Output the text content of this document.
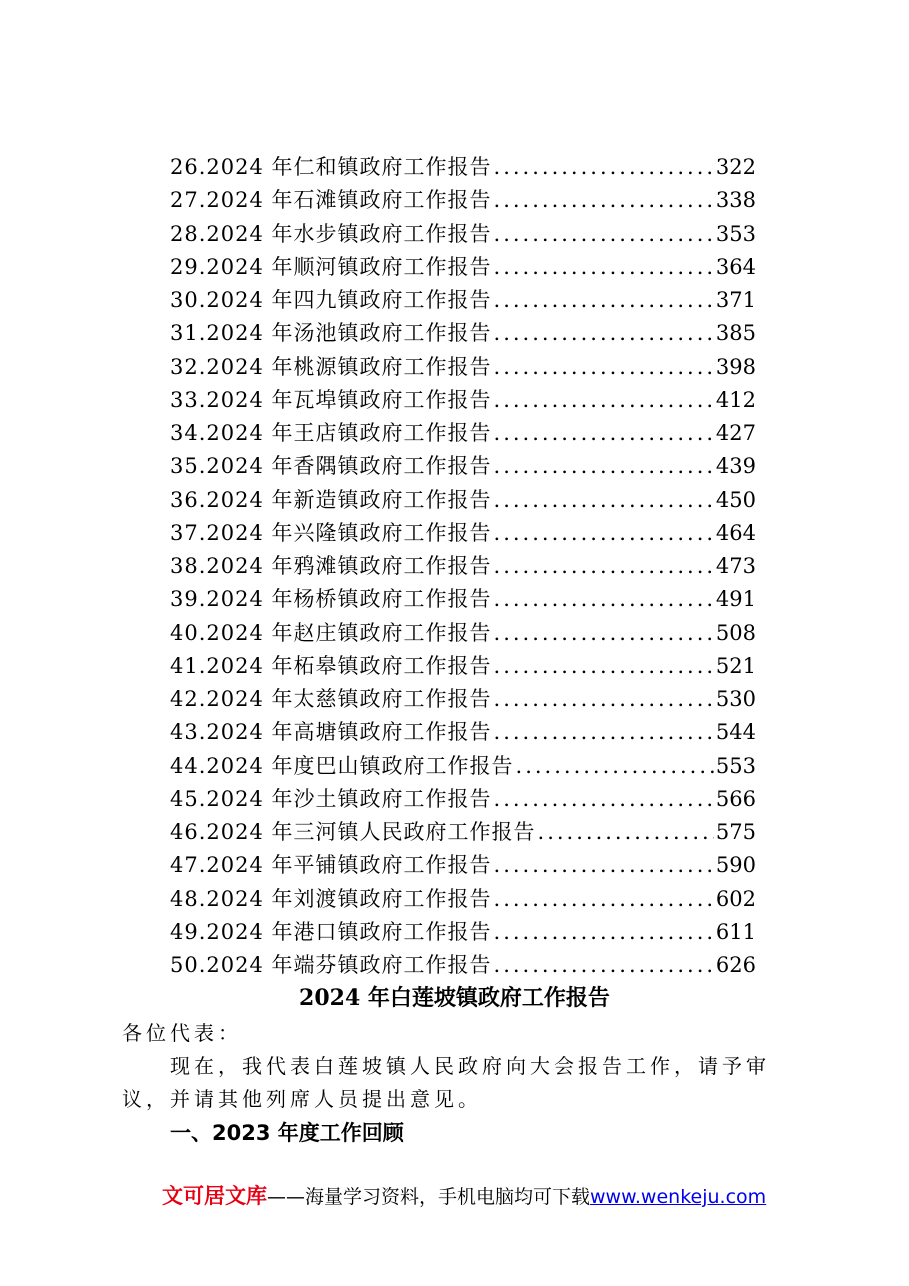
26.2024 年仁和镇政府工作报告 .....	322
27.2024 年石滩镇政府工作报告 .....	338
28.2024 年水步镇政府工作报告 .....	353
29.2024 年顺河镇政府工作报告 .....	364
30.2024 年四九镇政府工作报告 .....	371
31.2024 年汤池镇政府工作报告 .....	385
32.2024 年桃源镇政府工作报告 .....	398
33.2024 年瓦埠镇政府工作报告 .....	412
34.2024 年王店镇政府工作报告 .....	427
35.2024 年香隅镇政府工作报告 .....	439
36.2024 年新造镇政府工作报告 .....	450
37.2024 年兴隆镇政府工作报告 .....	464
38.2024 年鸦滩镇政府工作报告 .....	473
39.2024 年杨桥镇政府工作报告 .....	491
40.2024 年赵庄镇政府工作报告 .....	508
41.2024 年柘皋镇政府工作报告 .....	521
42.2024 年太慈镇政府工作报告 .....	530
43.2024 年高塘镇政府工作报告 .....	544
44.2024 年度巴山镇政府工作报告 .....	553
45.2024 年沙土镇政府工作报告 .....	566
46.2024 年三河镇人民政府工作报告 .....	575
47.2024 年平铺镇政府工作报告 .....	590
48.2024 年刘渡镇政府工作报告 .....	602
49.2024 年港口镇政府工作报告 .....	611
50.2024 年端芬镇政府工作报告 .....	626
2024 年白莲坡镇政府工作报告
各位代表：
现在，我代表白莲坡镇人民政府向大会报告工作，请予审议，并请其他列席人员提出意见。
一、2023 年度工作回顾
文可居文库——海量学习资料，手机电脑均可下载www.wenkeju.com
